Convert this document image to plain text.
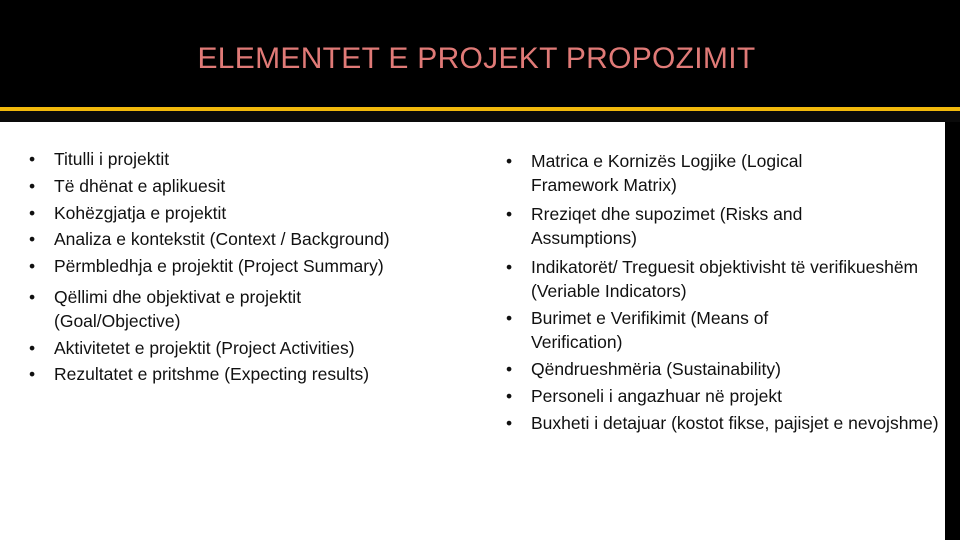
ELEMENTET E PROJEKT PROPOZIMIT
• Titulli i projektit
• Të dhënat e aplikuesit
• Kohëzgjatja e projektit
• Analiza e kontekstit (Context / Background)
• Përmbledhja e projektit (Project Summary)
• Qëllimi dhe objektivat e projektit (Goal/Objective)
• Aktivitetet e projektit (Project Activities)
• Rezultatet e pritshme (Expecting results)
• Matrica e Kornizës Logjike (Logical Framework Matrix)
• Rreziqet dhe supozimet (Risks and Assumptions)
• Indikatorët/ Treguesit objektivisht të verifikueshëm (Veriable Indicators)
• Burimet e Verifikimit (Means of Verification)
• Qëndrueshmëria (Sustainability)
• Personeli i angazhuar në projekt
• Buxheti i detajuar (kostot fikse, pajisjet e nevojshme)
